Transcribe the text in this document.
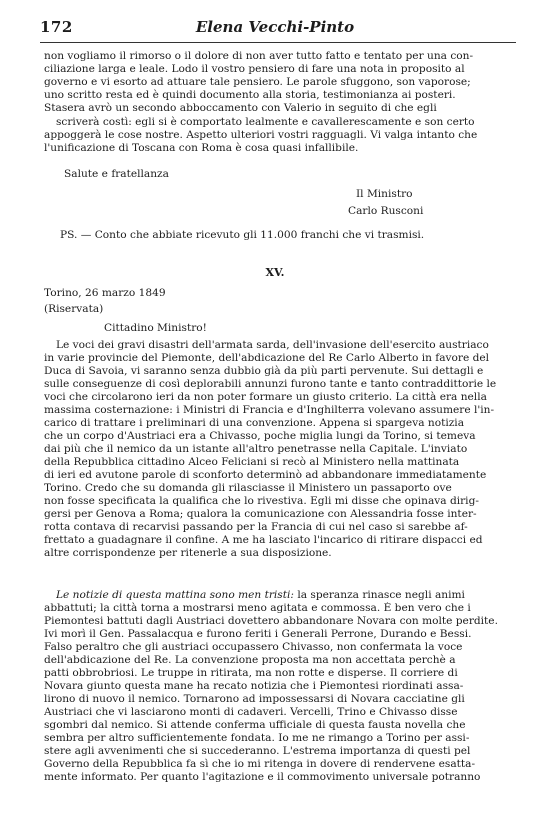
172	Elena Vecchi-Pinto
non vogliamo il rimorso o il dolore di non aver tutto fatto e tentato per una con-
ciliazione larga e leale. Lodo il vostro pensiero di fare una nota in proposito al
governo e vi esorto ad attuare tale pensiero. Le parole sfuggono, son vaporose;
uno scritto resta ed è quindi documento alla storia, testimonianza ai posteri.
Stasera avrò un secondo abboccamento con Valerio in seguito di che egli
scriverà costì: egli si è comportato lealmente e cavallerescamente e son certo
appoggerà le cose nostre. Aspetto ulteriori vostri ragguagli. Vi valga intanto che
l'unificazione di Toscana con Roma è cosa quasi infallibile.
Salute e fratellanza
Il Ministro
Carlo Rusconi
PS. — Conto che abbiate ricevuto gli 11.000 franchi che vi trasmisi.
XV.
Torino, 26 marzo 1849
(Riservata)
Cittadino Ministro!
Le voci dei gravi disastri dell'armata sarda, dell'invasione dell'esercito austriaco
in varie provincie del Piemonte, dell'abdicazione del Re Carlo Alberto in favore del
Duca di Savoia, vi saranno senza dubbio già da più parti pervenute. Sui dettagli e
sulle conseguenze di così deplorabili annunzi furono tante e tanto contraddittorie le
voci che circolarono ieri da non poter formare un giusto criterio. La città era nella
massima costernazione: i Ministri di Francia e d'Inghilterra volevano assumere l'in-
carico di trattare i preliminari di una convenzione. Appena si spargeva notizia
che un corpo d'Austriaci era a Chivasso, poche miglia lungi da Torino, si temeva
dai più che il nemico da un istante all'altro penetrasse nella Capitale. L'inviato
della Repubblica cittadino Alceo Feliciani si recò al Ministero nella mattinata
di ieri ed avutone parole di sconforto determinò ad abbandonare immediatamente
Torino. Credo che su domanda gli rilasciasse il Ministero un passaporto ove
non fosse specificata la qualifica che lo rivestiva. Egli mi disse che opinava dirig-
gersi per Genova a Roma; qualora la comunicazione con Alessandria fosse inter-
rotta contava di recarvisi passando per la Francia di cui nel caso si sarebbe af-
frettato a guadagnare il confine. A me ha lasciato l'incarico di ritirare dispacci ed
altre corrispondenze per ritenerle a sua disposizione.
Le notizie di questa mattina sono men tristi: la speranza rinasce negli animi
abbattuti; la città torna a mostrarsi meno agitata e commossa. È ben vero che i
Piemontesi battuti dagli Austriaci dovettero abbandonare Novara con molte perdite.
Ivi morì il Gen. Passalacqua e furono feriti i Generali Perrone, Durando e Bessi.
Falso peraltro che gli austriaci occupassero Chivasso, non confermata la voce
dell'abdicazione del Re. La convenzione proposta ma non accettata perchè a
patti obbrobriosi. Le truppe in ritirata, ma non rotte e disperse. Il corriere di
Novara giunto questa mane ha recato notizia che i Piemontesi riordinati assa-
lirono di nuovo il nemico. Tornarono ad impossessarsi di Novara cacciatine gli
Austriaci che vi lasciarono monti di cadaveri. Vercelli, Trino e Chivasso disse
sgombri dal nemico. Si attende conferma ufficiale di questa fausta novella che
sembra per altro sufficientemente fondata. Io me ne rimango a Torino per assi-
stere agli avvenimenti che si succederanno. L'estrema importanza di questi pel
Governo della Repubblica fa sì che io mi ritenga in dovere di rendervene esatta-
mente informato. Per quanto l'agitazione e il commovimento universale potranno
